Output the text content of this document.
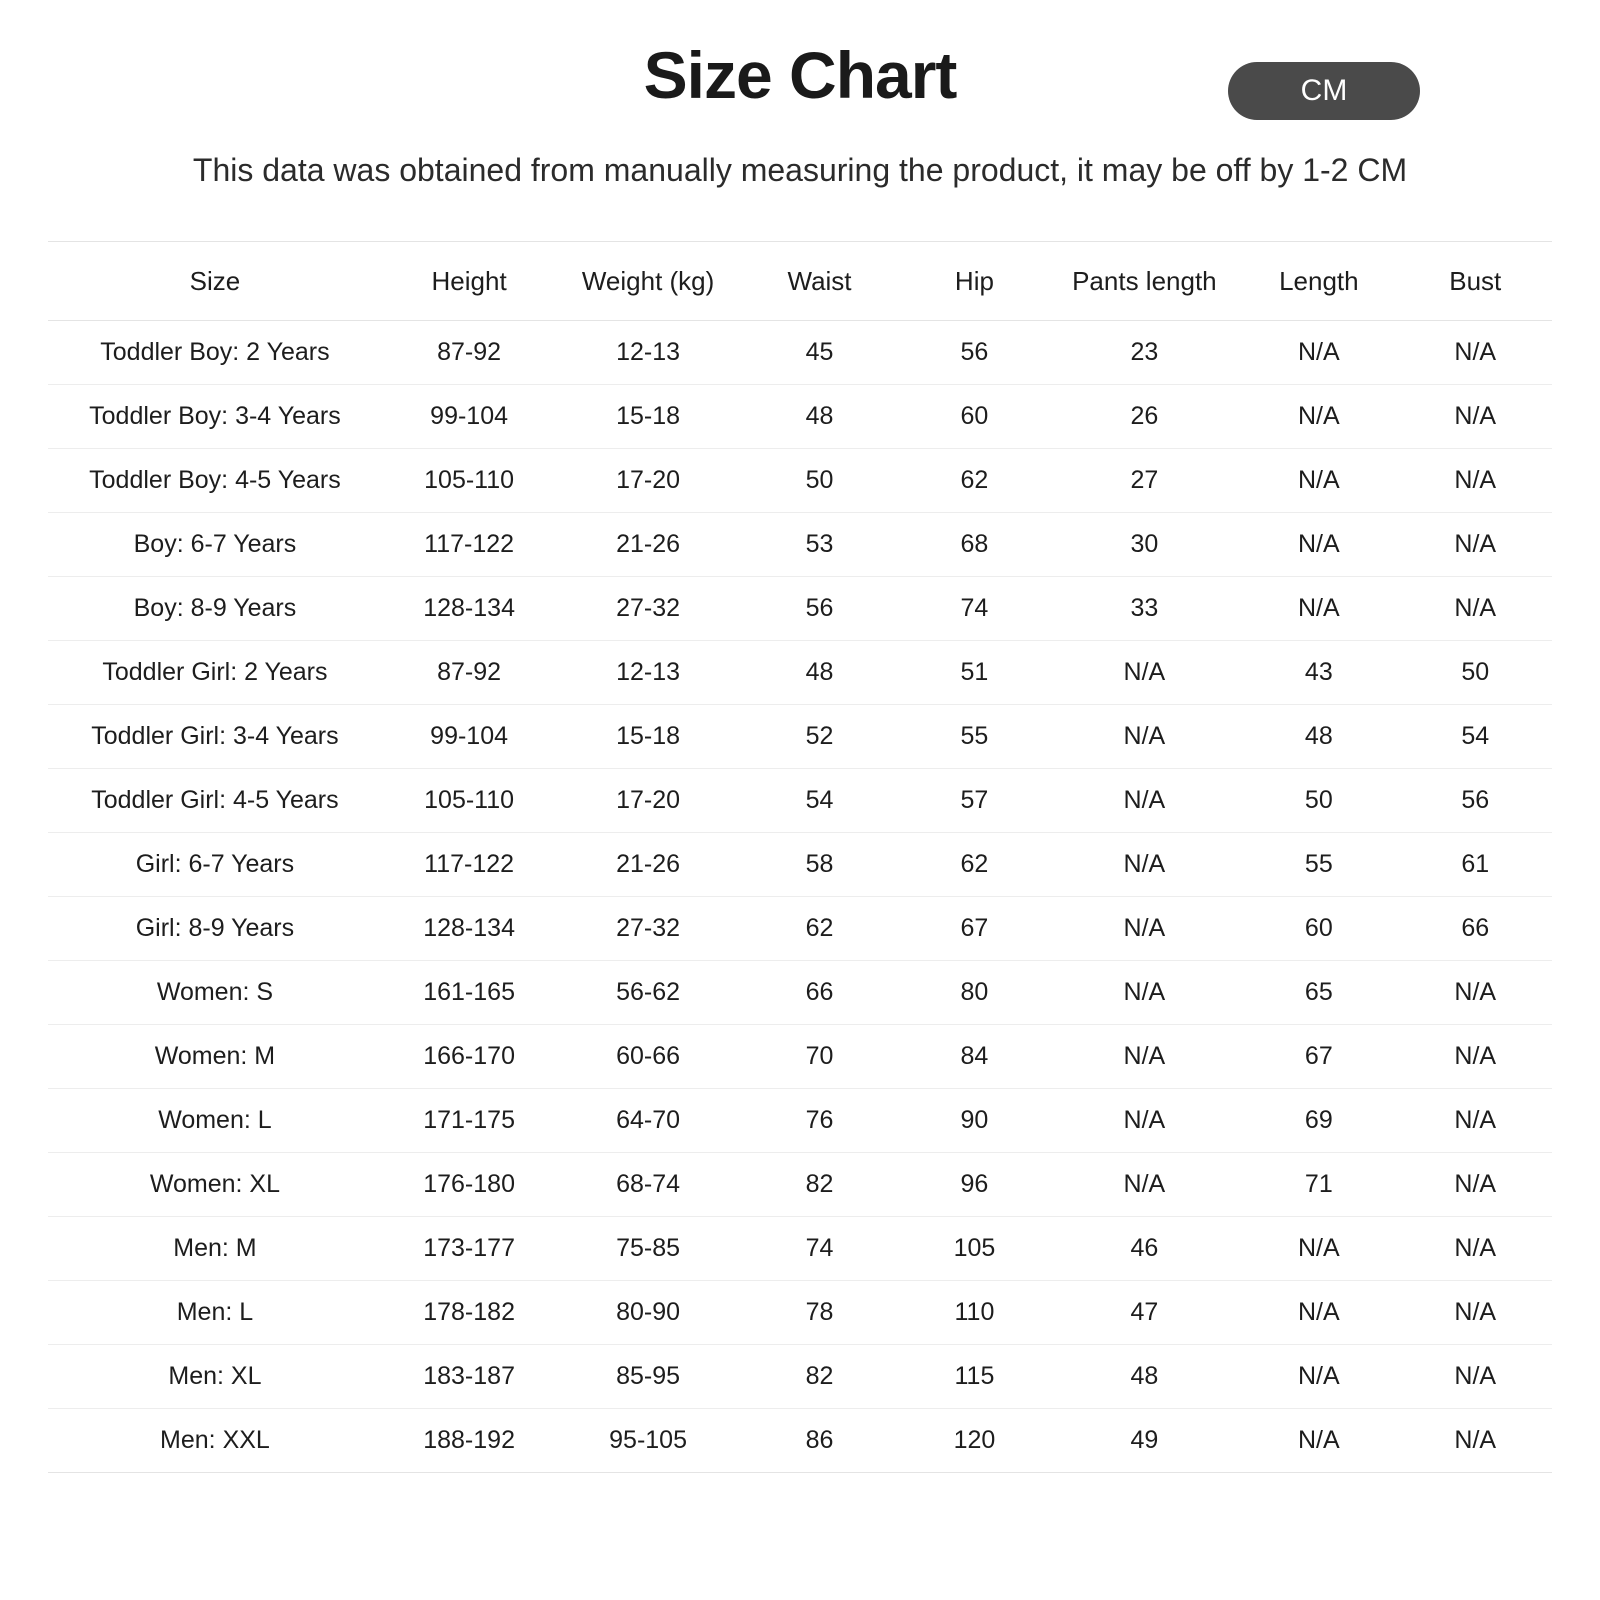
Size Chart	CM
This data was obtained from manually measuring the product, it may be off by 1-2 CM
Size	Height	Weight (kg)	Waist	Hip	Pants length	Length	Bust
Toddler Boy: 2 Years	87-92	12-13	45	56	23	N/A	N/A
Toddler Boy: 3-4 Years	99-104	15-18	48	60	26	N/A	N/A
Toddler Boy: 4-5 Years	105-110	17-20	50	62	27	N/A	N/A
Boy: 6-7 Years	117-122	21-26	53	68	30	N/A	N/A
Boy: 8-9 Years	128-134	27-32	56	74	33	N/A	N/A
Toddler Girl: 2 Years	87-92	12-13	48	51	N/A	43	50
Toddler Girl: 3-4 Years	99-104	15-18	52	55	N/A	48	54
Toddler Girl: 4-5 Years	105-110	17-20	54	57	N/A	50	56
Girl: 6-7 Years	117-122	21-26	58	62	N/A	55	61
Girl: 8-9 Years	128-134	27-32	62	67	N/A	60	66
Women: S	161-165	56-62	66	80	N/A	65	N/A
Women: M	166-170	60-66	70	84	N/A	67	N/A
Women: L	171-175	64-70	76	90	N/A	69	N/A
Women: XL	176-180	68-74	82	96	N/A	71	N/A
Men: M	173-177	75-85	74	105	46	N/A	N/A
Men: L	178-182	80-90	78	110	47	N/A	N/A
Men: XL	183-187	85-95	82	115	48	N/A	N/A
Men: XXL	188-192	95-105	86	120	49	N/A	N/A
